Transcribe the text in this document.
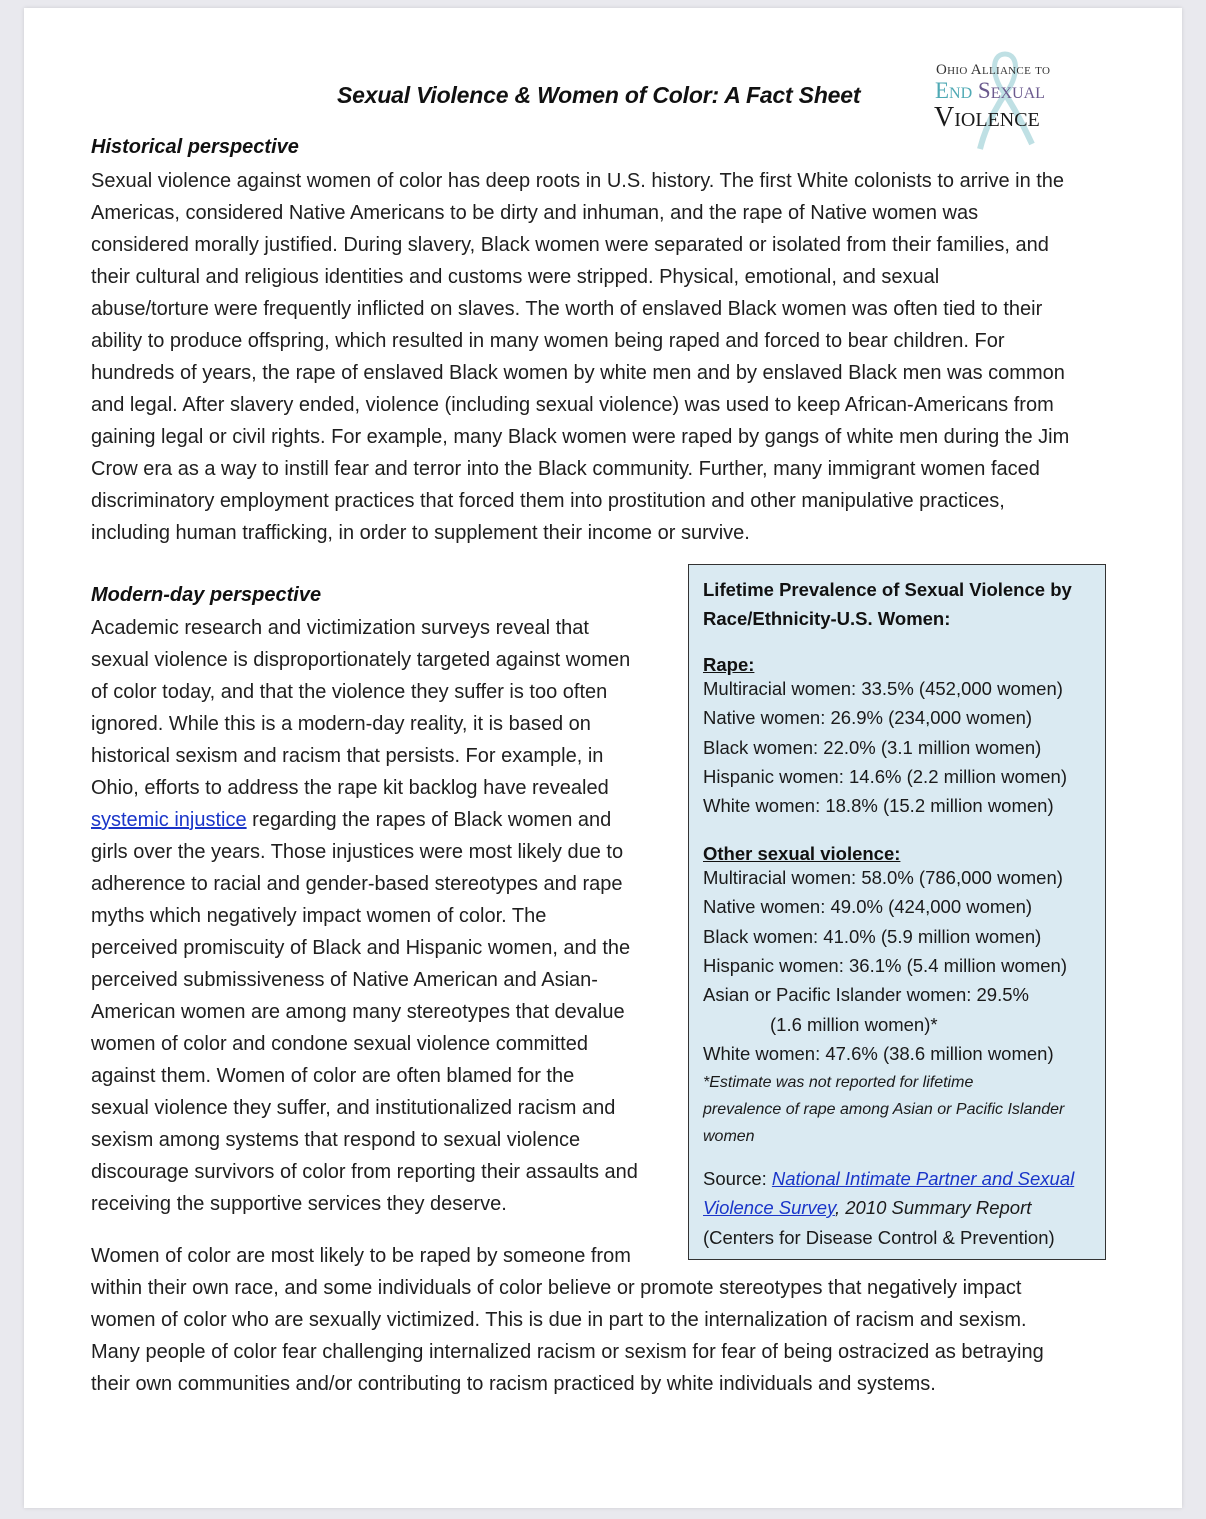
Sexual Violence & Women of Color: A Fact Sheet
Ohio Alliance to
End Sexual
Violence
Historical perspective
Sexual violence against women of color has deep roots in U.S. history. The first White colonists to arrive in the
Americas, considered Native Americans to be dirty and inhuman, and the rape of Native women was
considered morally justified. During slavery, Black women were separated or isolated from their families, and
their cultural and religious identities and customs were stripped. Physical, emotional, and sexual
abuse/torture were frequently inflicted on slaves. The worth of enslaved Black women was often tied to their
ability to produce offspring, which resulted in many women being raped and forced to bear children. For
hundreds of years, the rape of enslaved Black women by white men and by enslaved Black men was common
and legal. After slavery ended, violence (including sexual violence) was used to keep African-Americans from
gaining legal or civil rights. For example, many Black women were raped by gangs of white men during the Jim
Crow era as a way to instill fear and terror into the Black community. Further, many immigrant women faced
discriminatory employment practices that forced them into prostitution and other manipulative practices,
including human trafficking, in order to supplement their income or survive.
Modern-day perspective
Academic research and victimization surveys reveal that
sexual violence is disproportionately targeted against women
of color today, and that the violence they suffer is too often
ignored. While this is a modern-day reality, it is based on
historical sexism and racism that persists. For example, in
Ohio, efforts to address the rape kit backlog have revealed
systemic injustice regarding the rapes of Black women and
girls over the years. Those injustices were most likely due to
adherence to racial and gender-based stereotypes and rape
myths which negatively impact women of color. The
perceived promiscuity of Black and Hispanic women, and the
perceived submissiveness of Native American and Asian-
American women are among many stereotypes that devalue
women of color and condone sexual violence committed
against them. Women of color are often blamed for the
sexual violence they suffer, and institutionalized racism and
sexism among systems that respond to sexual violence
discourage survivors of color from reporting their assaults and
receiving the supportive services they deserve.
Women of color are most likely to be raped by someone from
within their own race, and some individuals of color believe or promote stereotypes that negatively impact
women of color who are sexually victimized. This is due in part to the internalization of racism and sexism.
Many people of color fear challenging internalized racism or sexism for fear of being ostracized as betraying
their own communities and/or contributing to racism practiced by white individuals and systems.
Lifetime Prevalence of Sexual Violence by
Race/Ethnicity-U.S. Women:
Rape:
Multiracial women: 33.5% (452,000 women)
Native women: 26.9% (234,000 women)
Black women: 22.0% (3.1 million women)
Hispanic women: 14.6% (2.2 million women)
White women: 18.8% (15.2 million women)
Other sexual violence:
Multiracial women: 58.0% (786,000 women)
Native women: 49.0% (424,000 women)
Black women: 41.0% (5.9 million women)
Hispanic women: 36.1% (5.4 million women)
Asian or Pacific Islander women: 29.5%
(1.6 million women)*
White women: 47.6% (38.6 million women)
*Estimate was not reported for lifetime
prevalence of rape among Asian or Pacific Islander
women
Source: National Intimate Partner and Sexual
Violence Survey, 2010 Summary Report
(Centers for Disease Control & Prevention)
